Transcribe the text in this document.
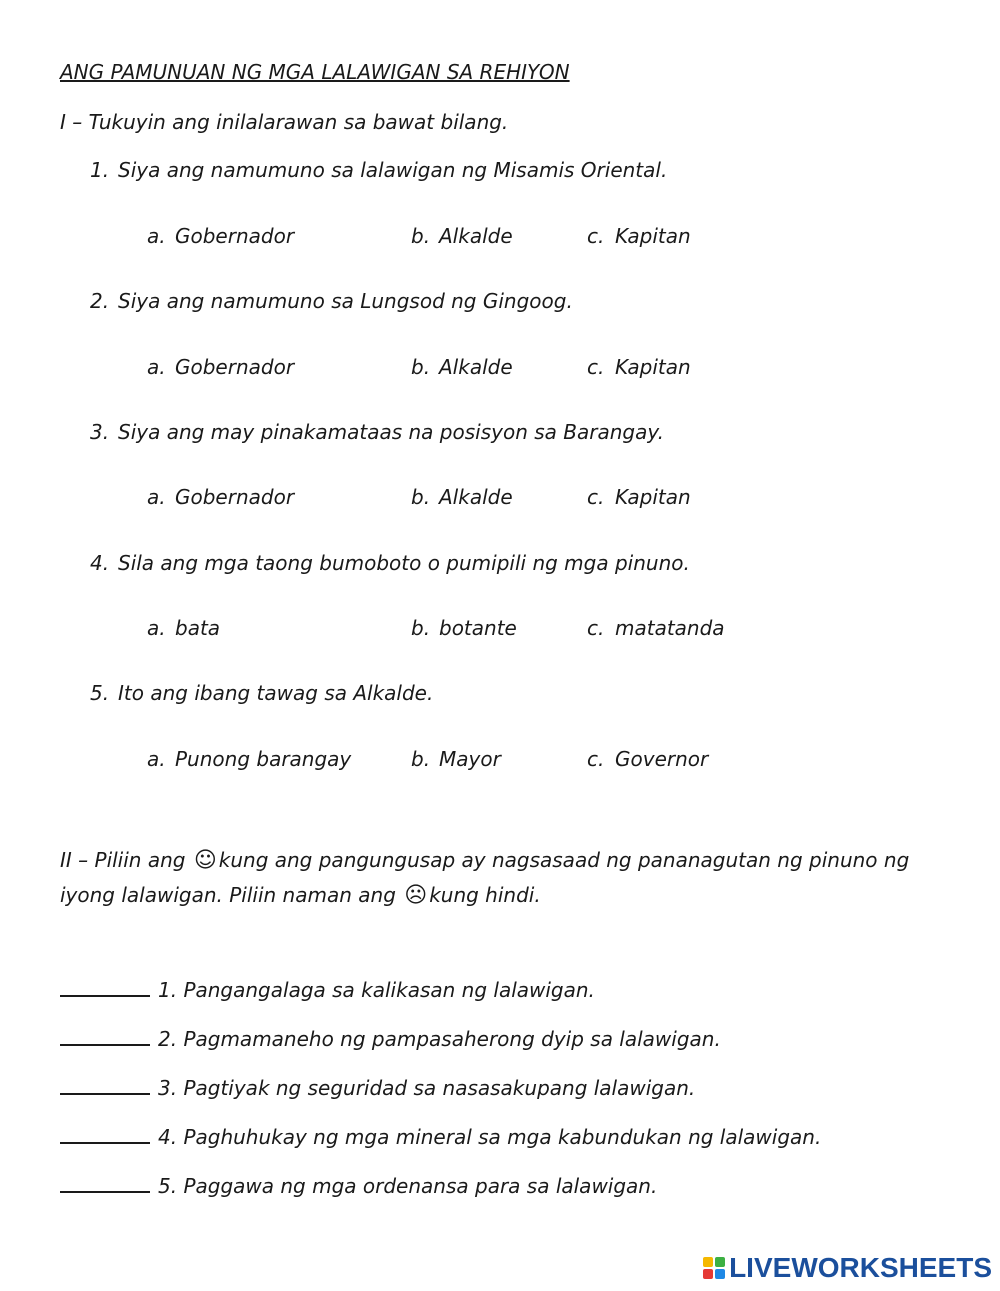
ANG PAMUNUAN NG MGA LALAWIGAN SA REHIYON
I – Tukuyin ang inilalarawan sa bawat bilang.
1. Siya ang namumuno sa lalawigan ng Misamis Oriental.
a. Gobernador	b. Alkalde	c. Kapitan
2. Siya ang namumuno sa Lungsod ng Gingoog.
a. Gobernador	b. Alkalde	c. Kapitan
3. Siya ang may pinakamataas na posisyon sa Barangay.
a. Gobernador	b. Alkalde	c. Kapitan
4. Sila ang mga taong bumoboto o pumipili ng mga pinuno.
a. bata	b. botante	c. matatanda
5. Ito ang ibang tawag sa Alkalde.
a. Punong barangay	b. Mayor	c. Governor
II – Piliin ang ☺ kung ang pangungusap ay nagsasaad ng pananagutan ng pinuno ng iyong lalawigan. Piliin naman ang ☹ kung hindi.
1. Pangangalaga sa kalikasan ng lalawigan.
2. Pagmamaneho ng pampasaherong dyip sa lalawigan.
3. Pagtiyak ng seguridad sa nasasakupang lalawigan.
4. Paghuhukay ng mga mineral sa mga kabundukan ng lalawigan.
5. Paggawa ng mga ordenansa para sa lalawigan.
LIVEWORKSHEETS
